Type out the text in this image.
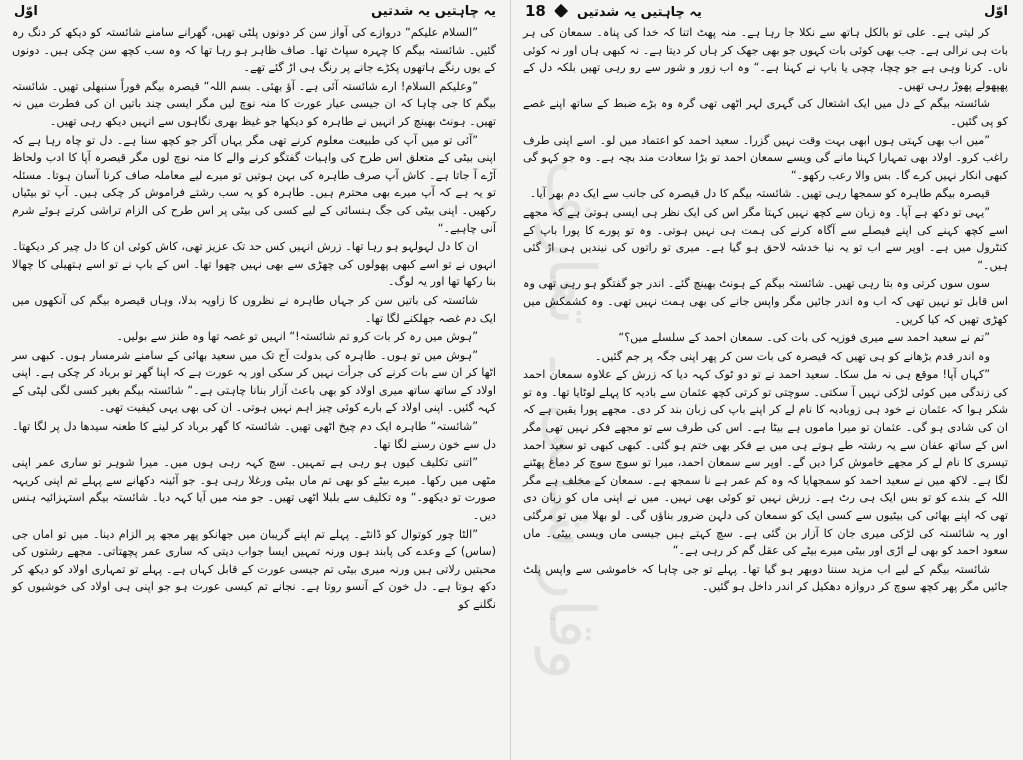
یہ چاہتیں یہ شدتیں
اوّل

”السلام علیکم“ دروازے کی آواز سن کر دونوں پلٹی تھیں، گھرانے سامنے شائستہ کو دیکھ کر دنگ رہ گئیں۔ شائستہ بیگم کا چہرہ سپاٹ تھا۔ صاف ظاہر ہو رہا تھا کہ وہ سب کچھ سن چکی ہیں۔ دونوں کے یوں رنگے ہاتھوں پکڑے جانے پر رنگ ہی اڑ گئے تھے۔

”وعلیکم السلام! ارے شائستہ آئی ہے۔ آؤ بھئی۔ بسم اللہ“ قیصرہ بیگم فوراً سنبھلی تھیں۔ شائستہ بیگم کا جی چاہا کہ ان جیسی عیار عورت کا منہ نوچ لیں مگر ایسی چند باتیں ان کی فطرت میں نہ تھیں۔ ہونٹ بھینچ کر انہیں نے طاہرہ کو دیکھا جو غیظ بھری نگاہوں سے انہیں دیکھ رہی تھیں۔

”آئی تو میں آپ کی طبیعت معلوم کرنے تھی مگر یہاں آکر جو کچھ سنا ہے۔ دل تو چاہ رہا ہے کہ اپنی بیٹی کے متعلق اس طرح کی واہیات گفتگو کرنے والے کا منہ نوچ لوں مگر قیصرہ آپا کا ادب ولحاظ آڑے آ جاتا ہے۔ کاش آپ صرف طاہرہ کی بہن ہوتیں تو میرے لیے معاملہ صاف کرنا آسان ہوتا۔ مسئلہ تو یہ ہے کہ آپ میرے بھی محترم ہیں۔ طاہرہ کو یہ سب رشتے فراموش کر چکی ہیں۔ آپ تو بیٹیاں رکھیں۔ اپنی بیٹی کی جگ ہنسائی کے لیے کسی کی بیٹی پر اس طرح کی الزام تراشی کرتے ہوئے شرم آنی چاہیے۔“

ان کا دل لہولہو ہو رہا تھا۔ زرش انہیں کس حد تک عزیز تھی، کاش کوئی ان کا دل چیر کر دیکھتا۔ انہوں نے تو اسے کبھی پھولوں کی چھڑی سے بھی نہیں چھوا تھا۔ اس کے باپ نے تو اسے ہتھیلی کا چھالا بنا رکھا تھا اور یہ لوگ۔

شائستہ کی باتیں سن کر جہاں طاہرہ نے نظروں کا زاویہ بدلا، وہاں قیصرہ بیگم کی آنکھوں میں ایک دم غصہ جھلکنے لگا تھا۔

”ہوش میں رہ کر بات کرو تم شائستہ!“ انہیں تو غصہ تھا وہ طنز سے بولیں۔

”ہوش میں تو ہوں۔ طاہرہ کی بدولت آج تک میں سعید بھائی کے سامنے شرمسار ہوں۔ کبھی سر اٹھا کر ان سے بات کرنے کی جرأت نہیں کر سکی اور یہ عورت ہے کہ اپنا گھر تو برباد کر چکی ہے۔ اپنی اولاد کے ساتھ ساتھ میری اولاد کو بھی باعث آزار بنانا چاہتی ہے۔“ شائستہ بیگم بغیر کسی لگی لپٹی کے کہہ گئیں۔ اپنی اولاد کے بارے کوئی چیز اہم نہیں ہوتی۔ ان کی بھی یہی کیفیت تھی۔

”شائستہ“ طاہرہ ایک دم چیخ اٹھی تھیں۔ شائستہ کا گھر برباد کر لینے کا طعنہ سیدھا دل پر لگا تھا۔ دل سے خون رسنے لگا تھا۔

”اتنی تکلیف کیوں ہو رہی ہے تمہیں۔ سچ کہہ رہی ہوں میں۔ میرا شوہر تو ساری عمر اپنی مٹھی میں رکھا۔ میرے بیٹے کو بھی تم ماں بیٹی ورغلا رہی ہو۔ جو آئینہ دکھانے سے پہلے تم اپنی کریہہ صورت تو دیکھو۔“ وہ تکلیف سے بلبلا اٹھی تھیں۔ جو منہ میں آیا کہہ دیا۔ شائستہ بیگم استہزائیہ ہنس دیں۔

”الٹا چور کوتوال کو ڈانٹے۔ پہلے تم اپنے گریبان میں جھانکو پھر مجھ پر الزام دینا۔ میں تو اماں جی (ساس) کے وعدے کی پابند ہوں ورنہ تمہیں ایسا جواب دیتی کہ ساری عمر پچھتاتی۔ مجھے رشتوں کی محبتیں رلاتی ہیں ورنہ میری بیٹی تم جیسی عورت کے قابل کہاں ہے۔ پہلے تو تمہاری اولاد کو دیکھ کر دکھ ہوتا ہے۔ دل خون کے آنسو روتا ہے۔ نجانے تم کیسی عورت ہو جو اپنی ہی اولاد کی خوشیوں کو نگلنے کو

اوّل
یہ چاہتیں یہ شدتیں  18

کر لیتی ہے۔ علی تو بالکل ہاتھ سے نکلا جا رہا ہے۔ منہ پھٹ اتنا کہ خدا کی پناہ۔ سمعان کی ہر بات ہی نرالی ہے۔ جب بھی کوئی بات کہوں جو بھی جھک کر ہاں کر دیتا ہے۔ نہ کبھی ہاں اور نہ کوئی ناں۔ کرنا وہی ہے جو چچا، چچی یا باپ نے کہنا ہے۔“ وہ اب زور و شور سے رو رہی تھیں بلکہ دل کے پھپھولے پھوڑ رہی تھیں۔

شائستہ بیگم کے دل میں ایک اشتعال کی گہری لہر اٹھی تھی گرہ وہ بڑے ضبط کے ساتھ اپنے غصے کو پی گئیں۔

”میں اب بھی کہتی ہوں ابھی بہت وقت نہیں گزرا۔ سعید احمد کو اعتماد میں لو۔ اسے اپنی طرف راغب کرو۔ اولاد بھی تمہارا کہنا مانے گی ویسے سمعان احمد تو بڑا سعادت مند بچہ ہے۔ وہ جو کہو گی کبھی انکار نہیں کرے گا۔ بس والا رعب رکھو۔“

قیصرہ بیگم طاہرہ کو سمجھا رہی تھیں۔ شائستہ بیگم کا دل قیصرہ کی جانب سے ایک دم بھر آیا۔

”یہی تو دکھ ہے آپا۔ وہ زبان سے کچھ نہیں کہتا مگر اس کی ایک نظر ہی ایسی ہوتی ہے کہ مجھے اسے کچھ کہنے کی اپنے فیصلے سے آگاہ کرنے کی ہمت ہی نہیں ہوتی۔ وہ تو پورے کا پورا باپ کے کنٹرول میں ہے۔ اوپر سے اب تو یہ نیا خدشہ لاحق ہو گیا ہے۔ میری تو راتوں کی نیندیں ہی اڑ گئی ہیں۔“

سوں سوں کرتی وہ بتا رہی تھیں۔ شائستہ بیگم کے ہونٹ بھینچ گئے۔ اندر جو گفتگو ہو رہی تھی وہ اس قابل تو نہیں تھی کہ اب وہ اندر جائیں مگر واپس جانے کی بھی ہمت نہیں تھی۔ وہ کشمکش میں کھڑی تھیں کہ کیا کریں۔

”تم نے سعید احمد سے میری فوزیہ کی بات کی۔ سمعان احمد کے سلسلے میں؟“

وہ اندر قدم بڑھانے کو ہی تھیں کہ قیصرہ کی بات سن کر پھر اپنی جگہ پر جم گئیں۔

”کہاں آپا! موقع ہی نہ مل سکا۔ سعید احمد نے تو دو ٹوک کہہ دیا کہ زرش کے علاوہ سمعان احمد کی زندگی میں کوئی لڑکی نہیں آ سکتی۔ سوچتی تو کرتی کچھ عثمان سے بادیہ کا پہلے لوٹایا تھا۔ وہ تو شکر ہوا کہ عثمان نے خود ہی زوبادیہ کا نام لے کر اپنے باپ کی زبان بند کر دی۔ مجھے پورا یقین ہے کہ ان کی شادی ہو گی۔ عثمان تو میرا ماموں ہے بیٹا ہے۔ اس کی طرف سے تو مجھے فکر نہیں تھی مگر اس کے ساتھ عفان سے یہ رشتہ طے ہوتے ہی میں بے فکر بھی ختم ہو گئی۔ کبھی کبھی تو سعید احمد تیسری کا نام لے کر مجھے خاموش کرا دیں گے۔ اوپر سے سمعان احمد، میرا تو سوچ سوچ کر دماغ پھٹنے لگا ہے۔ لاکھ میں نے سعید احمد کو سمجھایا کہ وہ کم عمر ہے نا سمجھ ہے۔ سمعان کے مخلف ہے مگر اللہ کے بندے کو تو بس ایک ہی رٹ ہے۔ زرش نہیں تو کوئی بھی نہیں۔ میں نے اپنی ماں کو زبان دی تھی کہ اپنے بھائی کی بیٹیوں سے کسی ایک کو سمعان کی دلہن ضرور بناؤں گی۔ لو بھلا میں تو مرگئی اور یہ شائستہ کی لڑکی میری جان کا آزار بن گئی ہے۔ سچ کہتے ہیں جیسی ماں ویسی بیٹی۔ ماں سعود احمد کو بھی لے اڑی اور بیٹی میرے بیٹے کی عقل گم کر رہی ہے۔“

شائستہ بیگم کے لیے اب مزید سننا دوبھر ہو گیا تھا۔ پہلے تو جی چاہا کہ خاموشی سے واپس پلٹ جائیں مگر پھر کچھ سوچ کر دروازہ دھکیل کر اندر داخل ہو گئیں۔
